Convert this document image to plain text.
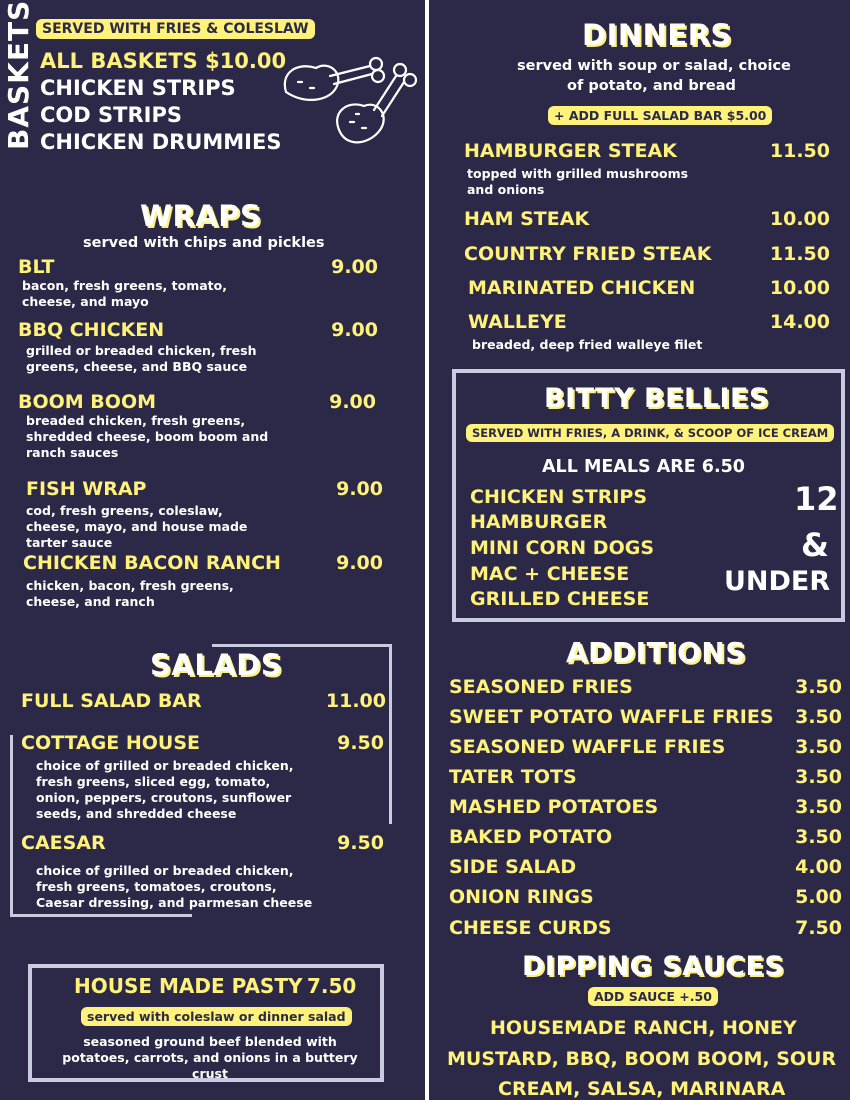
BASKETS SERVED WITH FRIES & COLESLAW
ALL BASKETS $10.00
CHICKEN STRIPS
COD STRIPS
CHICKEN DRUMMIES
WRAPS
served with chips and pickles
BLT	9.00
bacon, fresh greens, tomato, cheese, and mayo
BBQ CHICKEN	9.00
grilled or breaded chicken, fresh greens, cheese, and BBQ sauce
BOOM BOOM	9.00
breaded chicken, fresh greens, shredded cheese, boom boom and ranch sauces
FISH WRAP	9.00
cod, fresh greens, coleslaw, cheese, mayo, and house made tarter sauce
CHICKEN BACON RANCH	9.00
chicken, bacon, fresh greens, cheese, and ranch
SALADS
FULL SALAD BAR	11.00
COTTAGE HOUSE	9.50
choice of grilled or breaded chicken, fresh greens, sliced egg, tomato, onion, peppers, croutons, sunflower seeds, and shredded cheese
CAESAR	9.50
choice of grilled or breaded chicken, fresh greens, tomatoes, croutons, Caesar dressing, and parmesan cheese
HOUSE MADE PASTY 7.50
served with coleslaw or dinner salad
seasoned ground beef blended with potatoes, carrots, and onions in a buttery crust
DINNERS
served with soup or salad, choice
of potato, and bread
+ ADD FULL SALAD BAR $5.00
HAMBURGER STEAK	11.50
topped with grilled mushrooms and onions
HAM STEAK	10.00
COUNTRY FRIED STEAK	11.50
MARINATED CHICKEN	10.00
WALLEYE	14.00
breaded, deep fried walleye filet
BITTY BELLIES
SERVED WITH FRIES, A DRINK, & SCOOP OF ICE CREAM
ALL MEALS ARE 6.50
CHICKEN STRIPS
HAMBURGER
MINI CORN DOGS
MAC + CHEESE
GRILLED CHEESE
12
&
UNDER
ADDITIONS
SEASONED FRIES	3.50
SWEET POTATO WAFFLE FRIES	3.50
SEASONED WAFFLE FRIES	3.50
TATER TOTS	3.50
MASHED POTATOES	3.50
BAKED POTATO	3.50
SIDE SALAD	4.00
ONION RINGS	5.00
CHEESE CURDS	7.50
DIPPING SAUCES
ADD SAUCE +.50
HOUSEMADE RANCH, HONEY
MUSTARD, BBQ, BOOM BOOM, SOUR
CREAM, SALSA, MARINARA
